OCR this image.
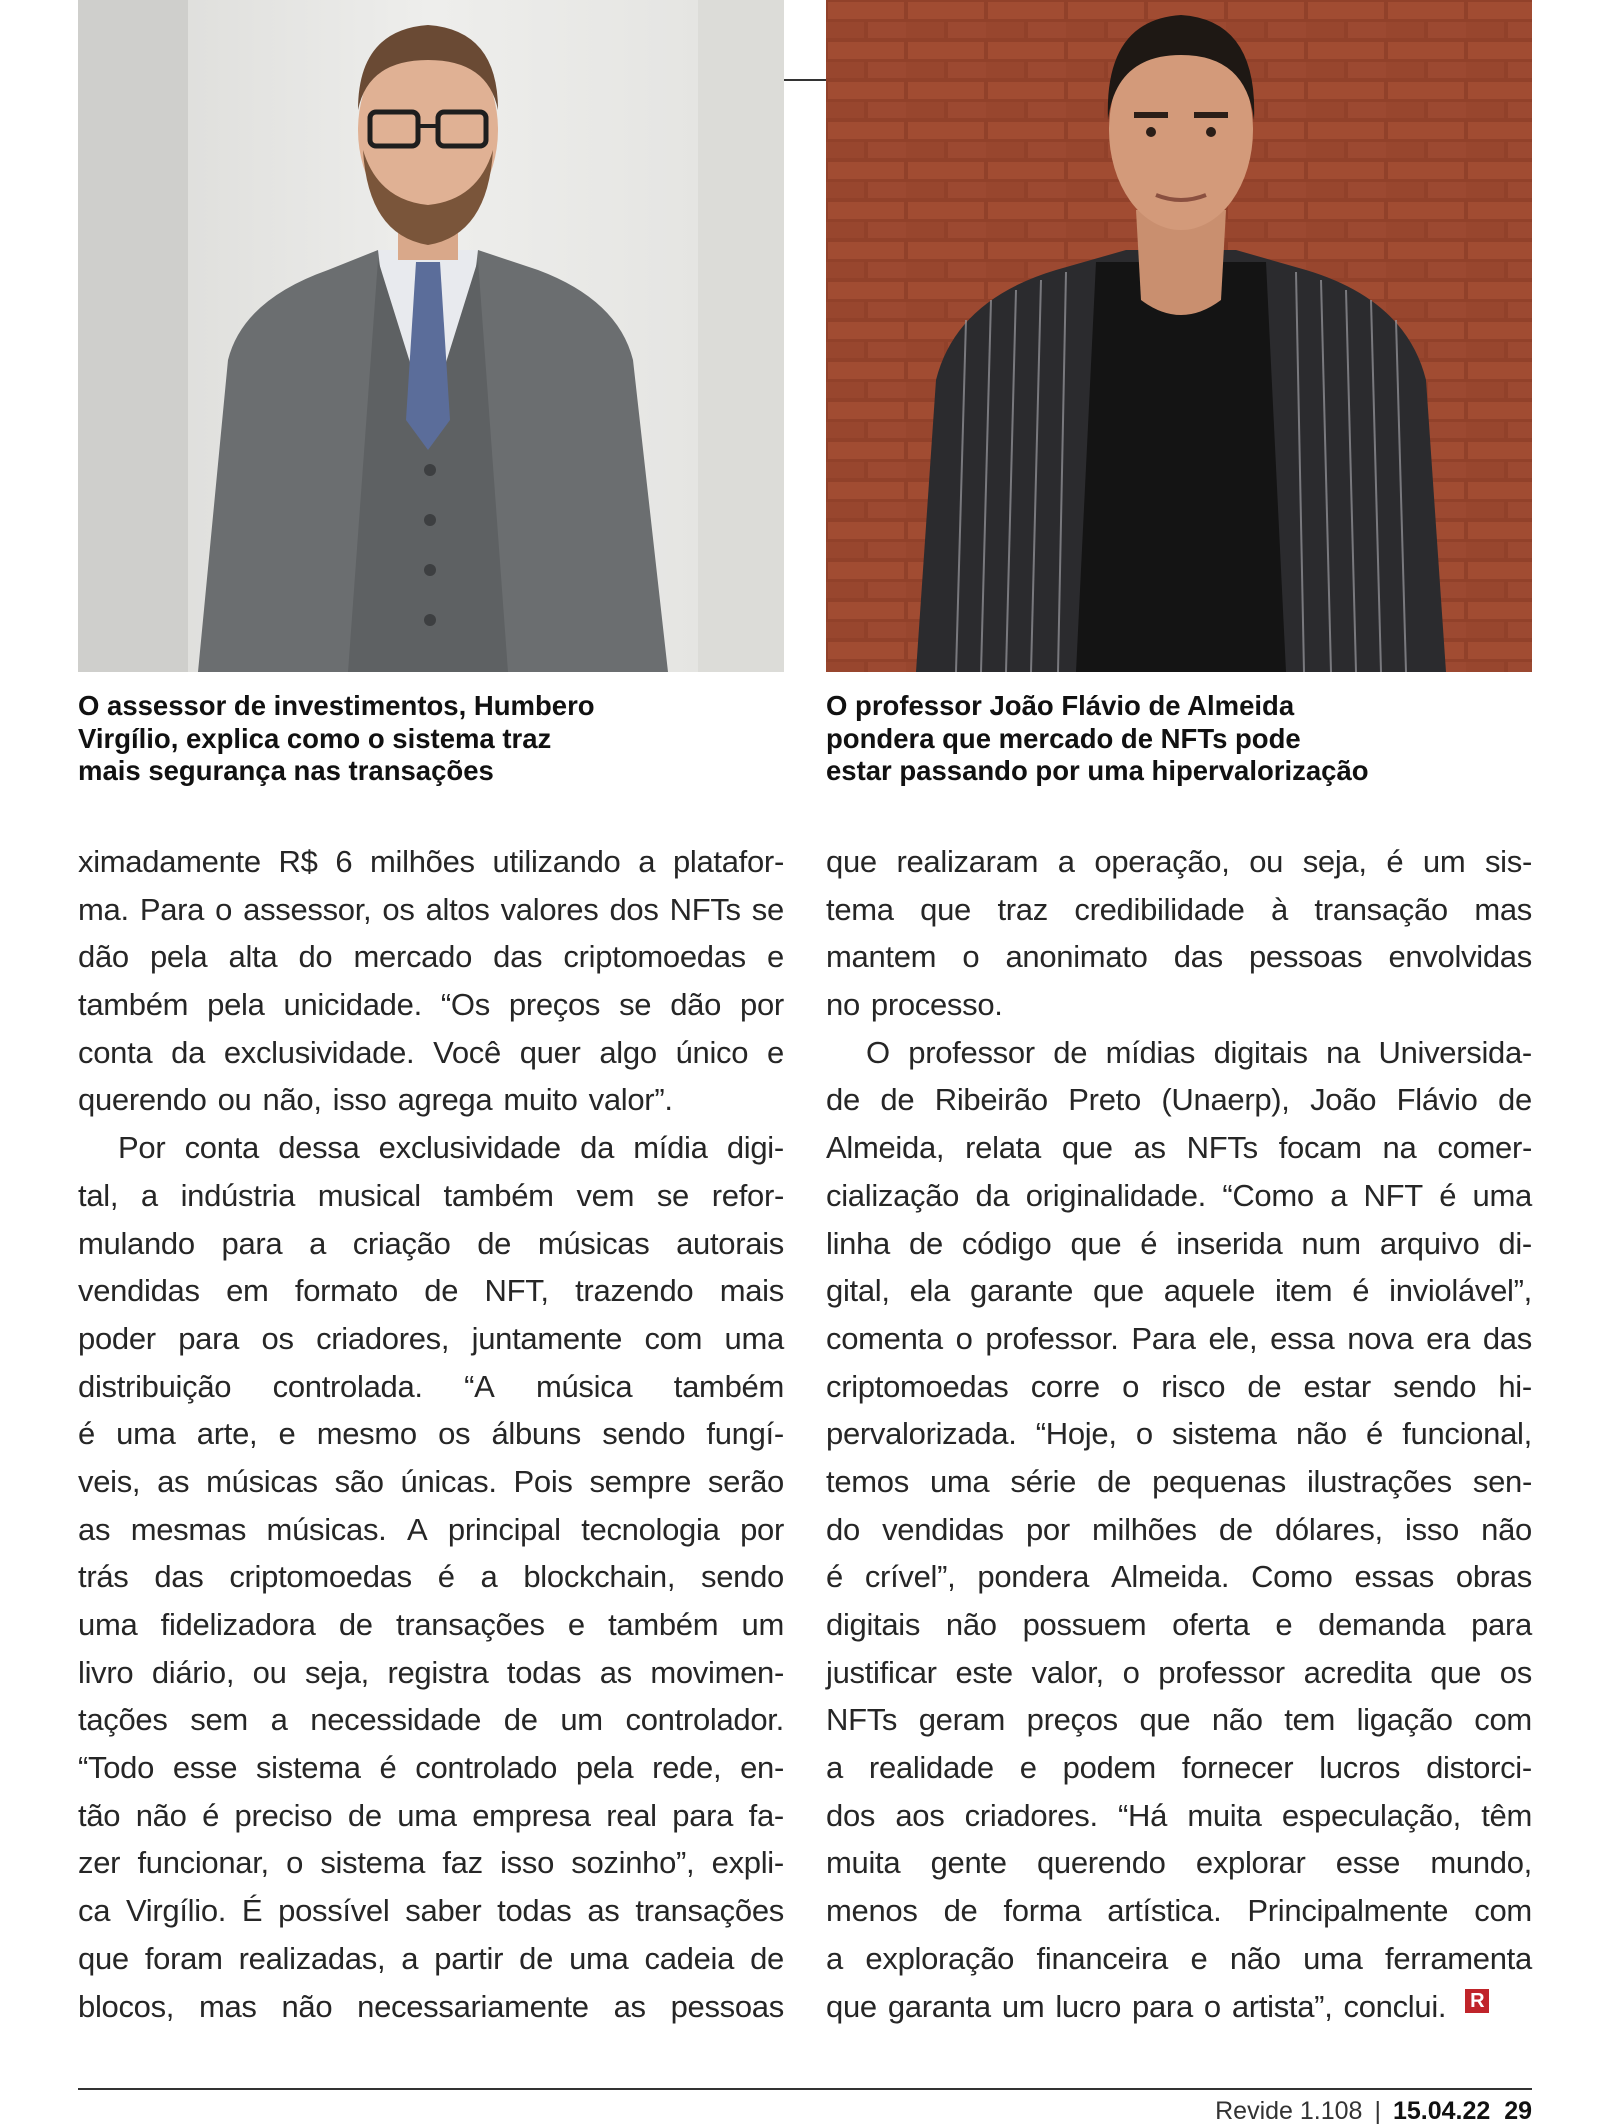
O assessor de investimentos, Humbero
Virgílio, explica como o sistema traz
mais segurança nas transações
O professor João Flávio de Almeida
pondera que mercado de NFTs pode
estar passando por uma hipervalorização
ximadamente R$ 6 milhões utilizando a platafor-
ma. Para o assessor, os altos valores dos NFTs se
dão pela alta do mercado das criptomoedas e
também pela unicidade. “Os preços se dão por
conta da exclusividade. Você quer algo único e
querendo ou não, isso agrega muito valor”.
Por conta dessa exclusividade da mídia digi-
tal, a indústria musical também vem se refor-
mulando para a criação de músicas autorais
vendidas em formato de NFT, trazendo mais
poder para os criadores, juntamente com uma
distribuição controlada. “A música também
é uma arte, e mesmo os álbuns sendo fungí-
veis, as músicas são únicas. Pois sempre serão
as mesmas músicas. A principal tecnologia por
trás das criptomoedas é a blockchain, sendo
uma fidelizadora de transações e também um
livro diário, ou seja, registra todas as movimen-
tações sem a necessidade de um controlador.
“Todo esse sistema é controlado pela rede, en-
tão não é preciso de uma empresa real para fa-
zer funcionar, o sistema faz isso sozinho”, expli-
ca Virgílio. É possível saber todas as transações
que foram realizadas, a partir de uma cadeia de
blocos, mas não necessariamente as pessoas
que realizaram a operação, ou seja, é um sis-
tema que traz credibilidade à transação mas
mantem o anonimato das pessoas envolvidas
no processo.
O professor de mídias digitais na Universida-
de de Ribeirão Preto (Unaerp), João Flávio de
Almeida, relata que as NFTs focam na comer-
cialização da originalidade. “Como a NFT é uma
linha de código que é inserida num arquivo di-
gital, ela garante que aquele item é inviolável”,
comenta o professor. Para ele, essa nova era das
criptomoedas corre o risco de estar sendo hi-
pervalorizada. “Hoje, o sistema não é funcional,
temos uma série de pequenas ilustrações sen-
do vendidas por milhões de dólares, isso não
é crível”, pondera Almeida. Como essas obras
digitais não possuem oferta e demanda para
justificar este valor, o professor acredita que os
NFTs geram preços que não tem ligação com
a realidade e podem fornecer lucros distorci-
dos aos criadores. “Há muita especulação, têm
muita gente querendo explorar esse mundo,
menos de forma artística. Principalmente com
a exploração financeira e não uma ferramenta
que garanta um lucro para o artista”, conclui. R
Revide 1.108 | 15.04.22 29
